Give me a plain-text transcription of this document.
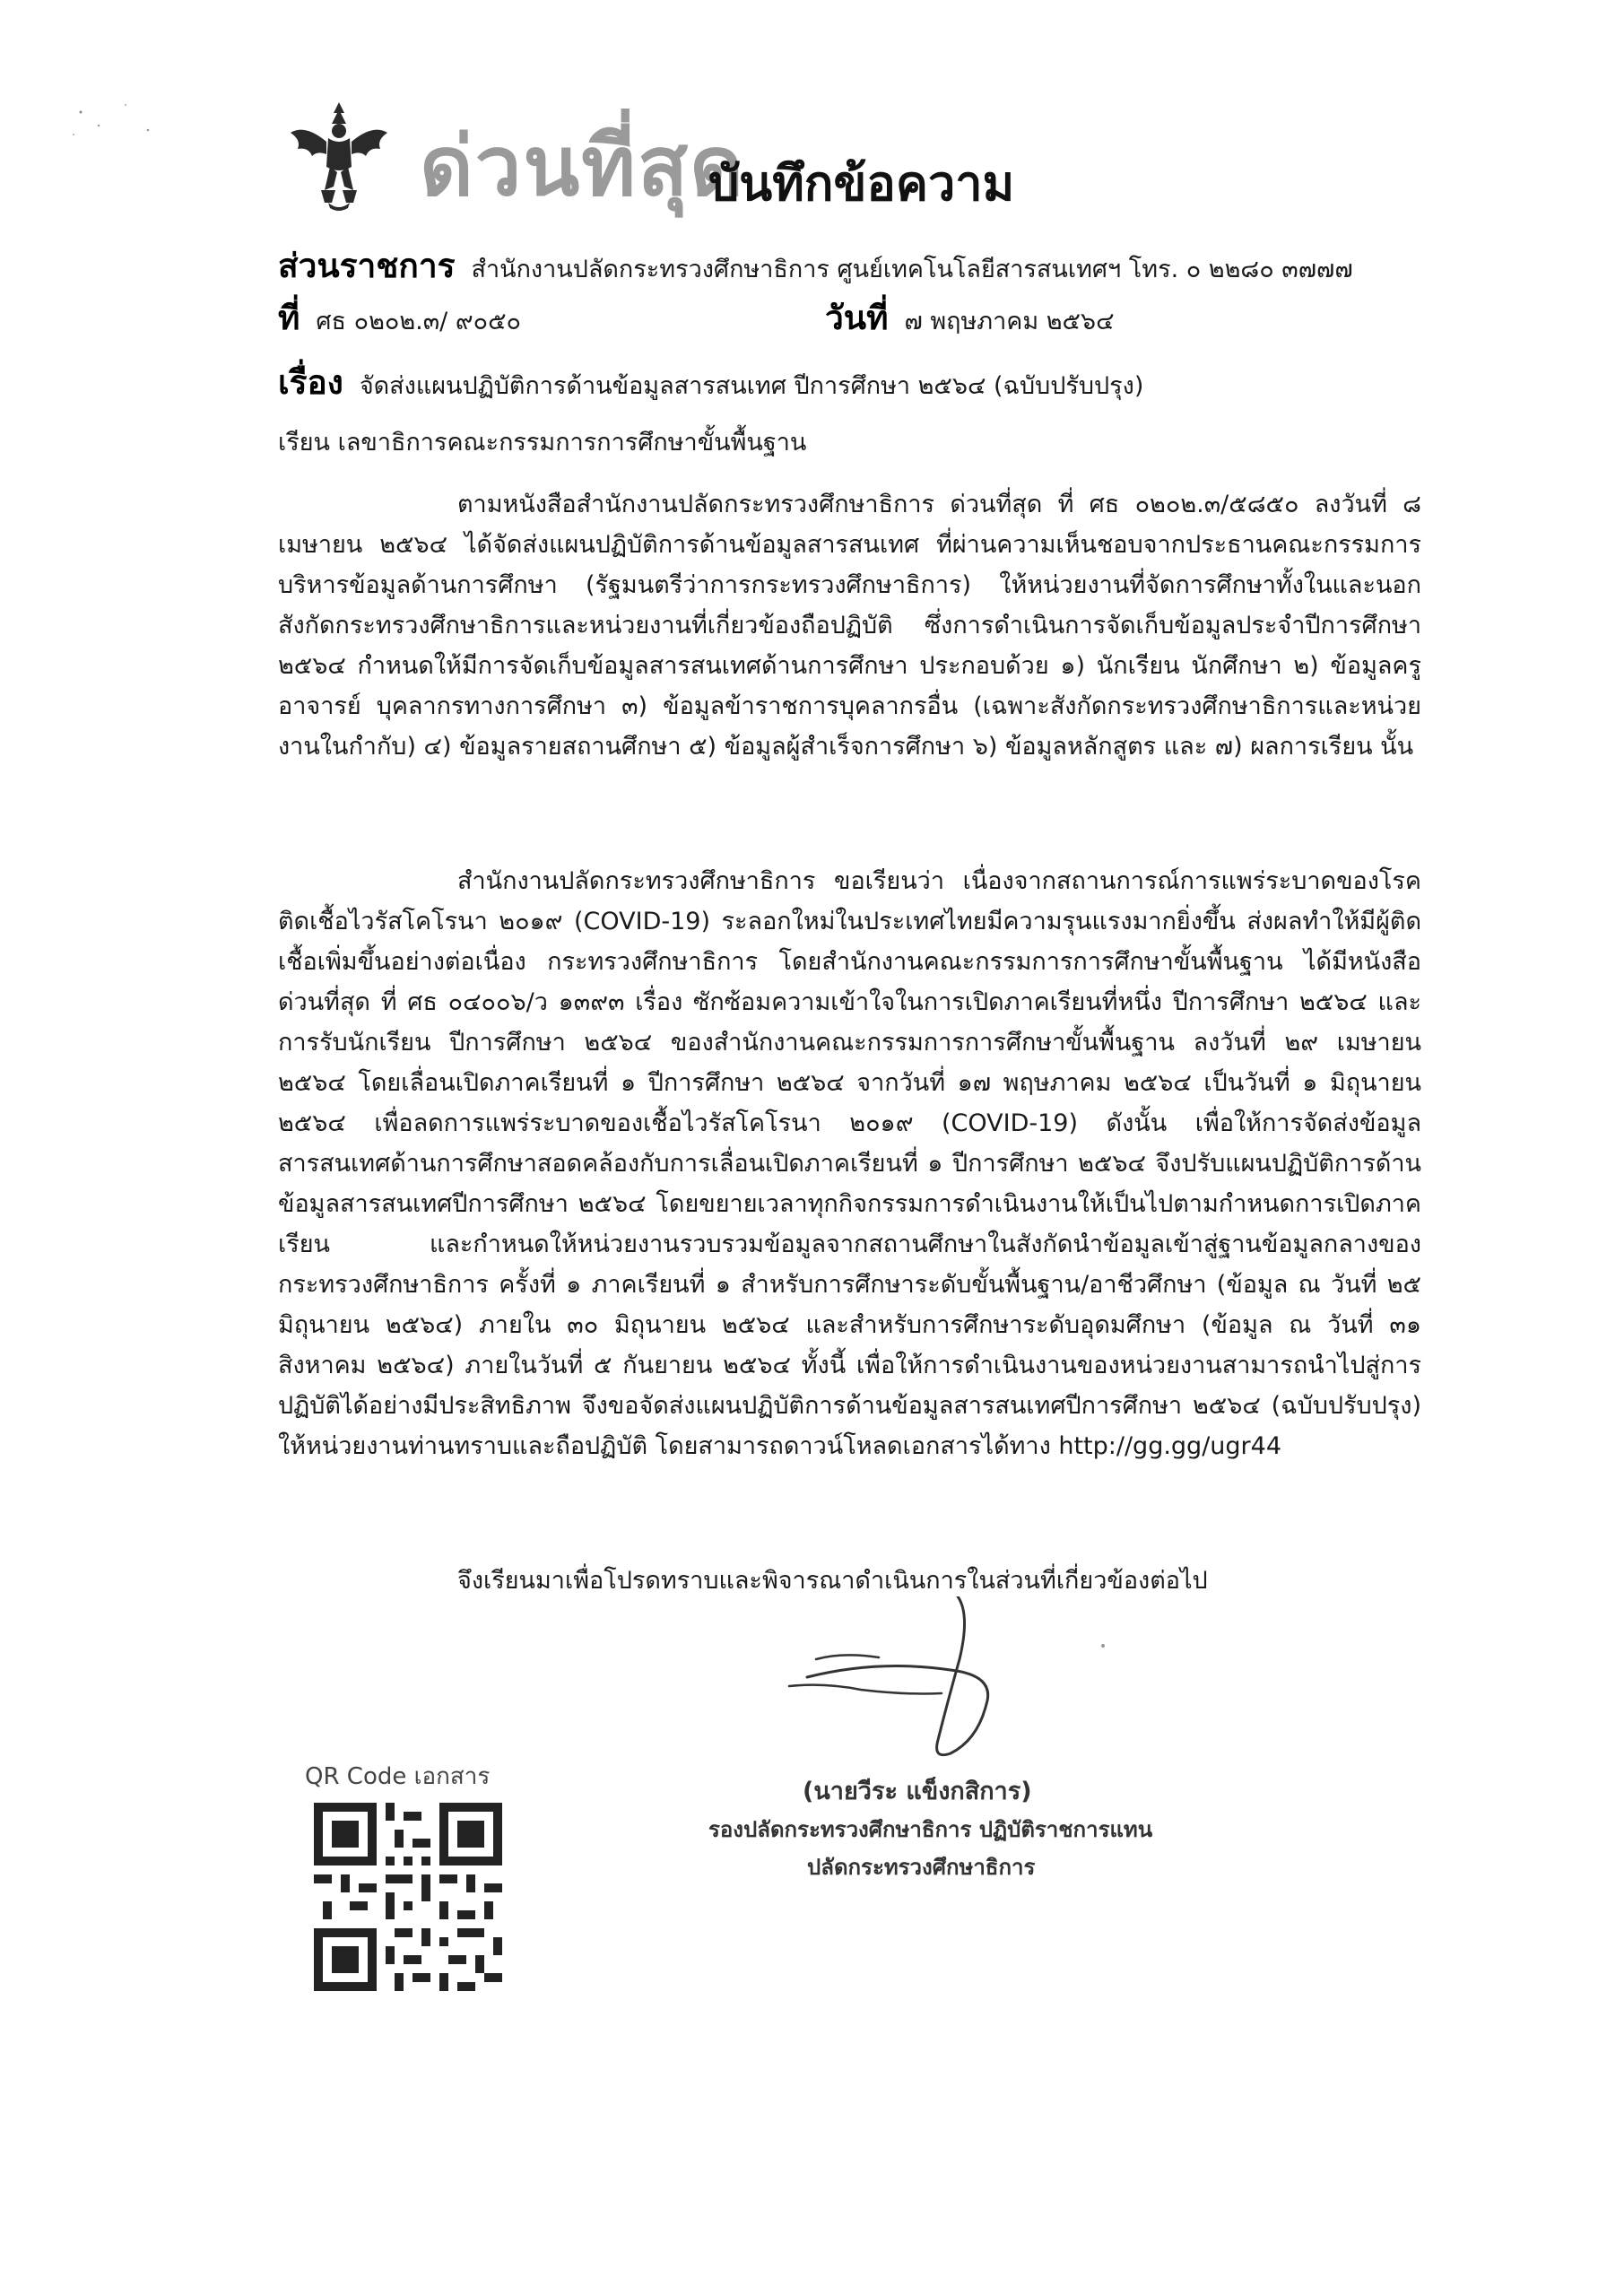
ด่วนที่สุด
บันทึกข้อความ
ส่วนราชการ สำนักงานปลัดกระทรวงศึกษาธิการ ศูนย์เทคโนโลยีสารสนเทศฯ โทร. ๐ ๒๒๘๐ ๓๗๗๗
ที่ ศธ ๐๒๐๒.๓/ ๙๐๕๐	วันที่ ๗ พฤษภาคม ๒๕๖๔
เรื่อง จัดส่งแผนปฏิบัติการด้านข้อมูลสารสนเทศ ปีการศึกษา ๒๕๖๔ (ฉบับปรับปรุง)
เรียน เลขาธิการคณะกรรมการการศึกษาขั้นพื้นฐาน
ตามหนังสือสำนักงานปลัดกระทรวงศึกษาธิการ ด่วนที่สุด ที่ ศธ ๐๒๐๒.๓/๕๘๕๐ ลงวันที่ ๘ เมษายน ๒๕๖๔ ได้จัดส่งแผนปฏิบัติการด้านข้อมูลสารสนเทศ ที่ผ่านความเห็นชอบจากประธานคณะกรรมการบริหารข้อมูลด้านการศึกษา (รัฐมนตรีว่าการกระทรวงศึกษาธิการ) ให้หน่วยงานที่จัดการศึกษาทั้งในและนอกสังกัดกระทรวงศึกษาธิการและหน่วยงานที่เกี่ยวข้องถือปฏิบัติ ซึ่งการดำเนินการจัดเก็บข้อมูลประจำปีการศึกษา ๒๕๖๔ กำหนดให้มีการจัดเก็บข้อมูลสารสนเทศด้านการศึกษา ประกอบด้วย ๑) นักเรียน นักศึกษา ๒) ข้อมูลครู อาจารย์ บุคลากรทางการศึกษา ๓) ข้อมูลข้าราชการบุคลากรอื่น (เฉพาะสังกัดกระทรวงศึกษาธิการและหน่วยงานในกำกับ) ๔) ข้อมูลรายสถานศึกษา ๕) ข้อมูลผู้สำเร็จการศึกษา ๖) ข้อมูลหลักสูตร และ ๗) ผลการเรียน นั้น
สำนักงานปลัดกระทรวงศึกษาธิการ ขอเรียนว่า เนื่องจากสถานการณ์การแพร่ระบาดของโรคติดเชื้อไวรัสโคโรนา ๒๐๑๙ (COVID-19) ระลอกใหม่ในประเทศไทยมีความรุนแรงมากยิ่งขึ้น ส่งผลทำให้มีผู้ติดเชื้อเพิ่มขึ้นอย่างต่อเนื่อง กระทรวงศึกษาธิการ โดยสำนักงานคณะกรรมการการศึกษาขั้นพื้นฐาน ได้มีหนังสือ ด่วนที่สุด ที่ ศธ ๐๔๐๐๖/ว ๑๓๙๓ เรื่อง ซักซ้อมความเข้าใจในการเปิดภาคเรียนที่หนึ่ง ปีการศึกษา ๒๕๖๔ และการรับนักเรียน ปีการศึกษา ๒๕๖๔ ของสำนักงานคณะกรรมการการศึกษาขั้นพื้นฐาน ลงวันที่ ๒๙ เมษายน ๒๕๖๔ โดยเลื่อนเปิดภาคเรียนที่ ๑ ปีการศึกษา ๒๕๖๔ จากวันที่ ๑๗ พฤษภาคม ๒๕๖๔ เป็นวันที่ ๑ มิถุนายน ๒๕๖๔ เพื่อลดการแพร่ระบาดของเชื้อไวรัสโคโรนา ๒๐๑๙ (COVID-19) ดังนั้น เพื่อให้การจัดส่งข้อมูลสารสนเทศด้านการศึกษาสอดคล้องกับการเลื่อนเปิดภาคเรียนที่ ๑ ปีการศึกษา ๒๕๖๔ จึงปรับแผนปฏิบัติการด้านข้อมูลสารสนเทศปีการศึกษา ๒๕๖๔ โดยขยายเวลาทุกกิจกรรมการดำเนินงานให้เป็นไปตามกำหนดการเปิดภาคเรียน และกำหนดให้หน่วยงานรวบรวมข้อมูลจากสถานศึกษาในสังกัดนำข้อมูลเข้าสู่ฐานข้อมูลกลางของกระทรวงศึกษาธิการ ครั้งที่ ๑ ภาคเรียนที่ ๑ สำหรับการศึกษาระดับขั้นพื้นฐาน/อาชีวศึกษา (ข้อมูล ณ วันที่ ๒๕ มิถุนายน ๒๕๖๔) ภายใน ๓๐ มิถุนายน ๒๕๖๔ และสำหรับการศึกษาระดับอุดมศึกษา (ข้อมูล ณ วันที่ ๓๑ สิงหาคม ๒๕๖๔) ภายในวันที่ ๕ กันยายน ๒๕๖๔ ทั้งนี้ เพื่อให้การดำเนินงานของหน่วยงานสามารถนำไปสู่การปฏิบัติได้อย่างมีประสิทธิภาพ จึงขอจัดส่งแผนปฏิบัติการด้านข้อมูลสารสนเทศปีการศึกษา ๒๕๖๔ (ฉบับปรับปรุง) ให้หน่วยงานท่านทราบและถือปฏิบัติ โดยสามารถดาวน์โหลดเอกสารได้ทาง http://gg.gg/ugr44
จึงเรียนมาเพื่อโปรดทราบและพิจารณาดำเนินการในส่วนที่เกี่ยวข้องต่อไป
(นายวีระ แข็งกสิการ)
รองปลัดกระทรวงศึกษาธิการ ปฏิบัติราชการแทน
ปลัดกระทรวงศึกษาธิการ
QR Code เอกสาร
